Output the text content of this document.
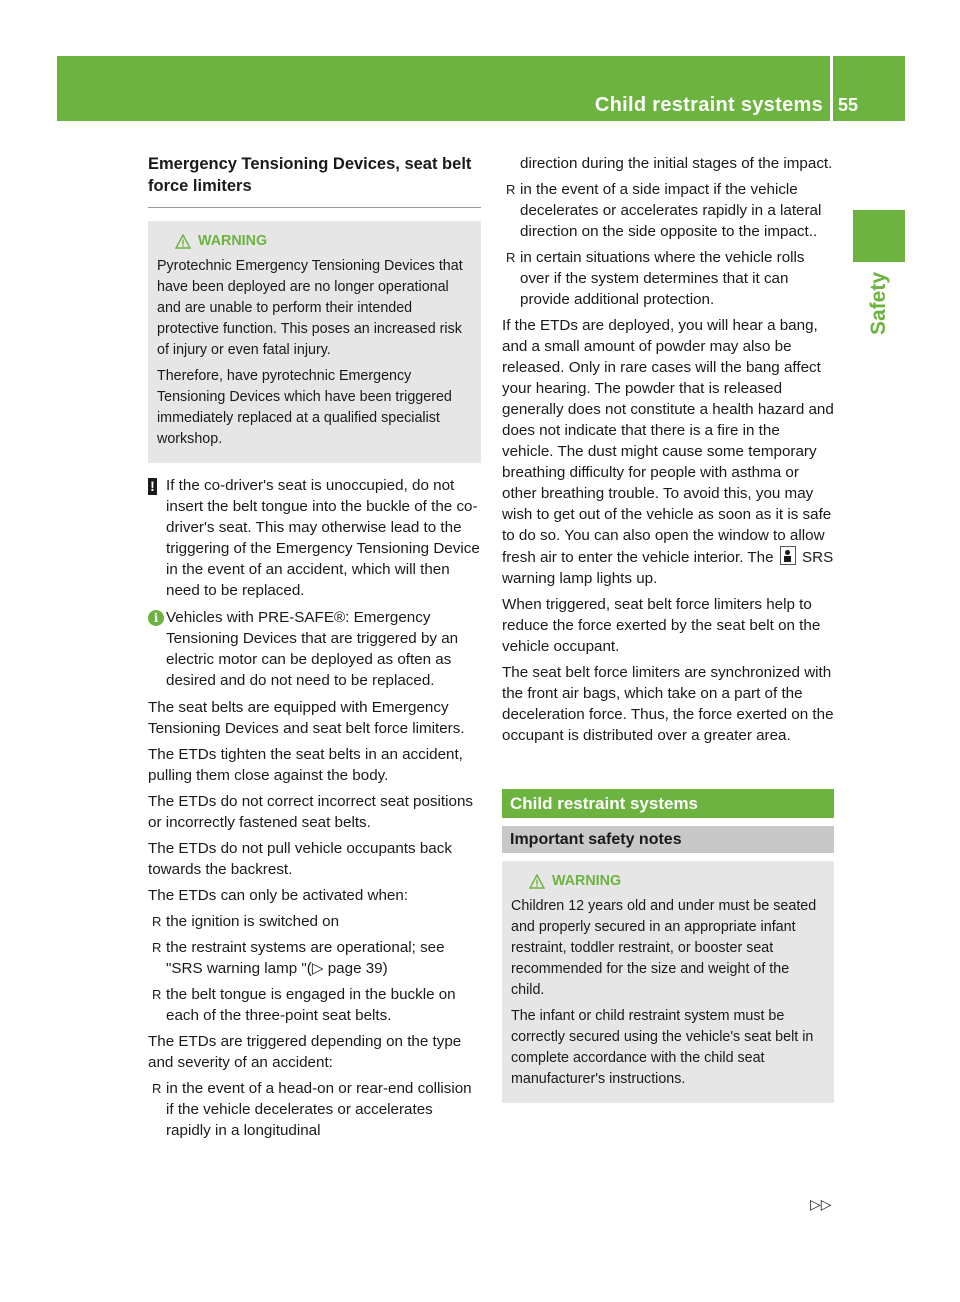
Child restraint systems 55
Safety
Emergency Tensioning Devices, seat belt force limiters
WARNING

Pyrotechnic Emergency Tensioning Devices that have been deployed are no longer operational and are unable to perform their intended protective function. This poses an increased risk of injury or even fatal injury.

Therefore, have pyrotechnic Emergency Tensioning Devices which have been triggered immediately replaced at a qualified specialist workshop.

! If the co-driver's seat is unoccupied, do not insert the belt tongue into the buckle of the co-driver's seat. This may otherwise lead to the triggering of the Emergency Tensioning Device in the event of an accident, which will then need to be replaced.
i Vehicles with PRE-SAFE®: Emergency Tensioning Devices that are triggered by an electric motor can be deployed as often as desired and do not need to be replaced.

The seat belts are equipped with Emergency Tensioning Devices and seat belt force limiters.

The ETDs tighten the seat belts in an accident, pulling them close against the body.

The ETDs do not correct incorrect seat positions or incorrectly fastened seat belts.

The ETDs do not pull vehicle occupants back towards the backrest.

The ETDs can only be activated when:

R the ignition is switched on
R the restraint systems are operational; see "SRS warning lamp "(▷ page 39)
R the belt tongue is engaged in the buckle on each of the three-point seat belts.

The ETDs are triggered depending on the type and severity of an accident:

R in the event of a head-on or rear-end collision if the vehicle decelerates or accelerates rapidly in a longitudinal

direction during the initial stages of the impact.

R in the event of a side impact if the vehicle decelerates or accelerates rapidly in a lateral direction on the side opposite to the impact..
R in certain situations where the vehicle rolls over if the system determines that it can provide additional protection.

If the ETDs are deployed, you will hear a bang, and a small amount of powder may also be released. Only in rare cases will the bang affect your hearing. The powder that is released generally does not constitute a health hazard and does not indicate that there is a fire in the vehicle. The dust might cause some temporary breathing difficulty for people with asthma or other breathing trouble. To avoid this, you may wish to get out of the vehicle as soon as it is safe to do so. You can also open the window to allow fresh air to enter the vehicle interior. The SRS warning lamp lights up.

When triggered, seat belt force limiters help to reduce the force exerted by the seat belt on the vehicle occupant.

The seat belt force limiters are synchronized with the front air bags, which take on a part of the deceleration force. Thus, the force exerted on the occupant is distributed over a greater area.

Child restraint systems
Important safety notes
WARNING

Children 12 years old and under must be seated and properly secured in an appropriate infant restraint, toddler restraint, or booster seat recommended for the size and weight of the child.

The infant or child restraint system must be correctly secured using the vehicle's seat belt in complete accordance with the child seat manufacturer's instructions.

▷▷
